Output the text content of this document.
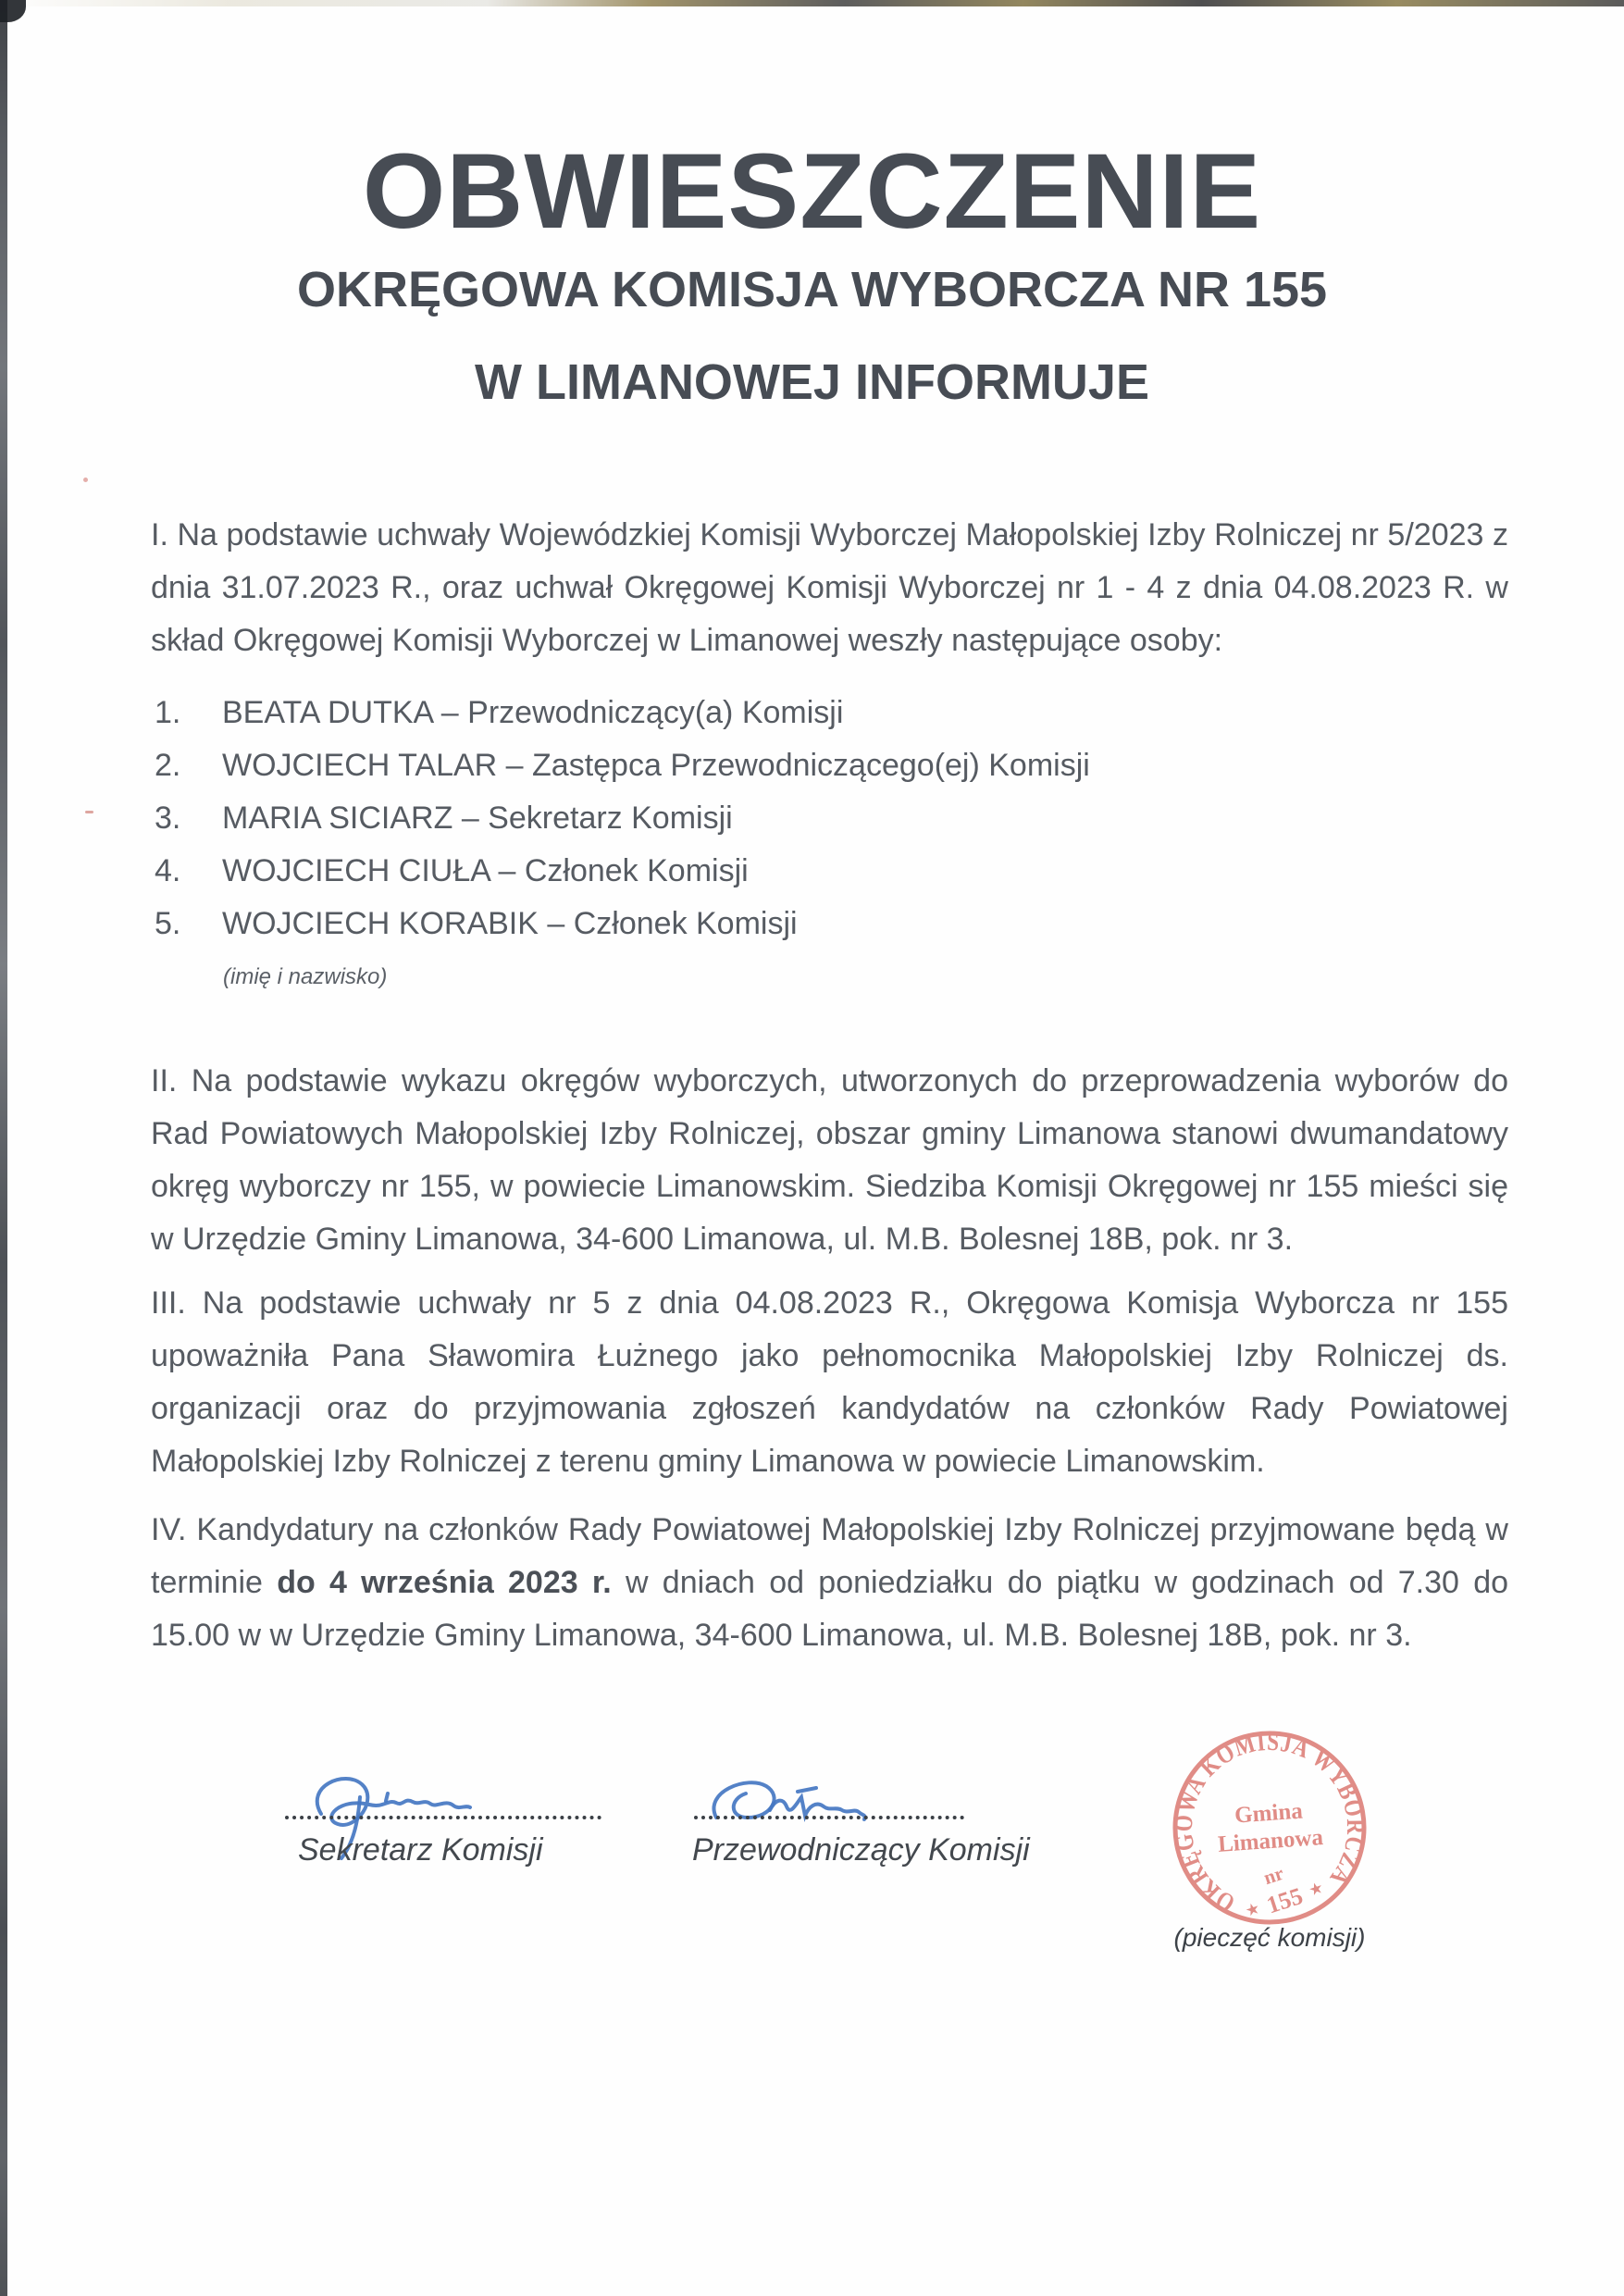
OBWIESZCZENIE
OKRĘGOWA KOMISJA WYBORCZA NR 155
W LIMANOWEJ INFORMUJE

I. Na podstawie uchwały Wojewódzkiej Komisji Wyborczej Małopolskiej Izby Rolniczej nr 5/2023 z dnia 31.07.2023 R., oraz uchwał Okręgowej Komisji Wyborczej nr 1 - 4 z dnia 04.08.2023 R. w skład Okręgowej Komisji Wyborczej w Limanowej weszły następujące osoby:

1.	BEATA DUTKA – Przewodniczący(a) Komisji
2.	WOJCIECH TALAR – Zastępca Przewodniczącego(ej) Komisji
3.	MARIA SICIARZ – Sekretarz Komisji
4.	WOJCIECH CIUŁA – Członek Komisji
5.	WOJCIECH KORABIK – Członek Komisji
(imię i nazwisko)

II. Na podstawie wykazu okręgów wyborczych, utworzonych do przeprowadzenia wyborów do Rad Powiatowych Małopolskiej Izby Rolniczej, obszar gminy Limanowa stanowi dwumandatowy okręg wyborczy nr 155, w powiecie Limanowskim. Siedziba Komisji Okręgowej nr 155 mieści się w Urzędzie Gminy Limanowa, 34-600 Limanowa, ul. M.B. Bolesnej 18B, pok. nr 3.

III. Na podstawie uchwały nr 5 z dnia 04.08.2023 R., Okręgowa Komisja Wyborcza nr 155 upoważniła Pana Sławomira Łużnego jako pełnomocnika Małopolskiej Izby Rolniczej ds. organizacji oraz do przyjmowania zgłoszeń kandydatów na członków Rady Powiatowej Małopolskiej Izby Rolniczej z terenu gminy Limanowa w powiecie Limanowskim.

IV. Kandydatury na członków Rady Powiatowej Małopolskiej Izby Rolniczej przyjmowane będą w terminie do 4 września 2023 r. w dniach od poniedziałku do piątku w godzinach od 7.30 do 15.00 w w Urzędzie Gminy Limanowa, 34-600 Limanowa, ul. M.B. Bolesnej 18B, pok. nr 3.

Sekretarz Komisji	Przewodniczący Komisji
OKRĘGOWA KOMISJA WYBORCZA
Gmina
Limanowa
nr
★ 155 ★
(pieczęć komisji)
